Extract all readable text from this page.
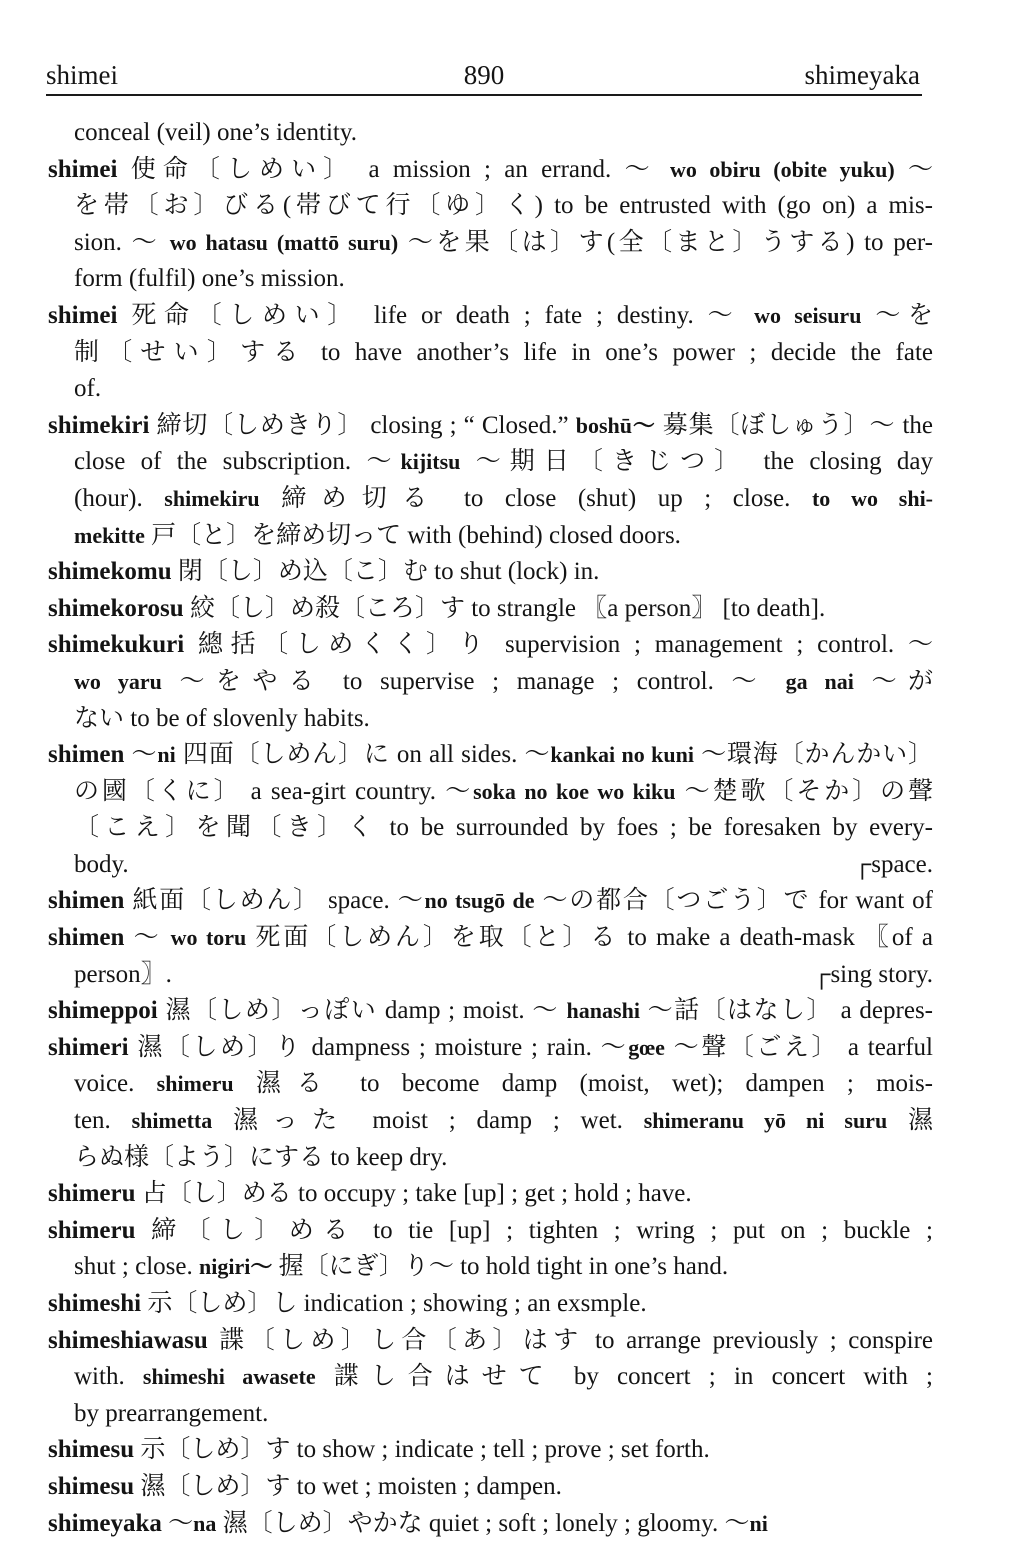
shimei	890	shimeyaka
conceal (veil) one’s identity.
shimei 使命〔しめい〕 a mission ; an errand. ～ wo obiru (obite yuku) ～
を帯〔お〕びる(帯びて行〔ゆ〕く) to be entrusted with (go on) a mis-
sion. ～ wo hatasu (mattō suru) ～を果〔は〕す(全〔まと〕うする) to per-
form (fulfil) one’s mission.
shimei 死命〔しめい〕 life or death ; fate ; destiny. ～ wo seisuru ～を
制〔せい〕する to have another’s life in one’s power ; decide the fate
of.
shimekiri 締切〔しめきり〕 closing ; “ Closed.” boshū～ 募集〔ぼしゅう〕～ the
close of the subscription. ～kijitsu ～期日〔きじつ〕 the closing day
(hour). shimekiru 締め切る to close (shut) up ; close. to wo shi-
mekitte 戸〔と〕を締め切って with (behind) closed doors.
shimekomu 閉〔し〕め込〔こ〕む to shut (lock) in.
shimekorosu 絞〔し〕め殺〔ころ〕す to strangle 〖a person〗 [to death].
shimekukuri 總括〔しめくく〕り supervision ; management ; control. ～
wo yaru ～をやる to supervise ; manage ; control. ～ ga nai ～が
ない to be of slovenly habits.
shimen ～ni 四面〔しめん〕に on all sides. ～kankai no kuni ～環海〔かんかい〕
の國〔くに〕 a sea-girt country. ～soka no koe wo kiku ～楚歌〔そか〕の聲
〔こえ〕を聞〔き〕く to be surrounded by foes ; be foresaken by every-
body.	┌space.
shimen 紙面〔しめん〕 space. ～no tsugō de ～の都合〔つごう〕で for want of
shimen ～ wo toru 死面〔しめん〕を取〔と〕る to make a death-mask 〖of a
person〗.	┌sing story.
shimeppoi 濕〔しめ〕っぽい damp ; moist. ～ hanashi ～話〔はなし〕 a depres-
shimeri 濕〔しめ〕り dampness ; moisture ; rain. ～gœe ～聲〔ごえ〕 a tearful
voice. shimeru 濕る to become damp (moist, wet); dampen ; mois-
ten. shimetta 濕った moist ; damp ; wet. shimeranu yō ni suru 濕
らぬ様〔よう〕にする to keep dry.
shimeru 占〔し〕める to occupy ; take [up] ; get ; hold ; have.
shimeru 締〔し〕める to tie [up] ; tighten ; wring ; put on ; buckle ;
shut ; close. nigiri～ 握〔にぎ〕り～ to hold tight in one’s hand.
shimeshi 示〔しめ〕し indication ; showing ; an exsmple.
shimeshiawasu 諜〔しめ〕し合〔あ〕はす to arrange previously ; conspire
with. shimeshi awasete 諜し合はせて by concert ; in concert with ;
by prearrangement.
shimesu 示〔しめ〕す to show ; indicate ; tell ; prove ; set forth.
shimesu 濕〔しめ〕す to wet ; moisten ; dampen.
shimeyaka ～na 濕〔しめ〕やかな quiet ; soft ; lonely ; gloomy. ～ni
